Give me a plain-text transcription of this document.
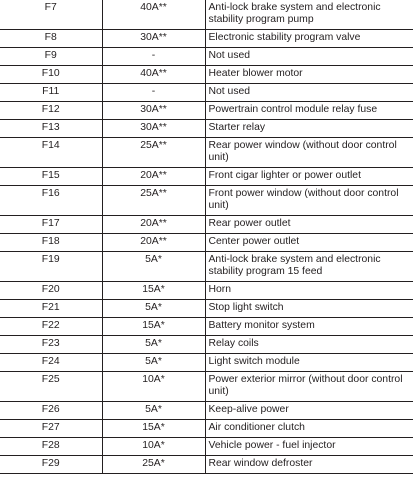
F7	40A**	Anti-lock brake system and electronic stability program pump
F8	30A**	Electronic stability program valve
F9	-	Not used
F10	40A**	Heater blower motor
F11	-	Not used
F12	30A**	Powertrain control module relay fuse
F13	30A**	Starter relay
F14	25A**	Rear power window (without door control unit)
F15	20A**	Front cigar lighter or power outlet
F16	25A**	Front power window (without door control unit)
F17	20A**	Rear power outlet
F18	20A**	Center power outlet
F19	5A*	Anti-lock brake system and electronic stability program 15 feed
F20	15A*	Horn
F21	5A*	Stop light switch
F22	15A*	Battery monitor system
F23	5A*	Relay coils
F24	5A*	Light switch module
F25	10A*	Power exterior mirror (without door control unit)
F26	5A*	Keep-alive power
F27	15A*	Air conditioner clutch
F28	10A*	Vehicle power - fuel injector
F29	25A*	Rear window defroster
